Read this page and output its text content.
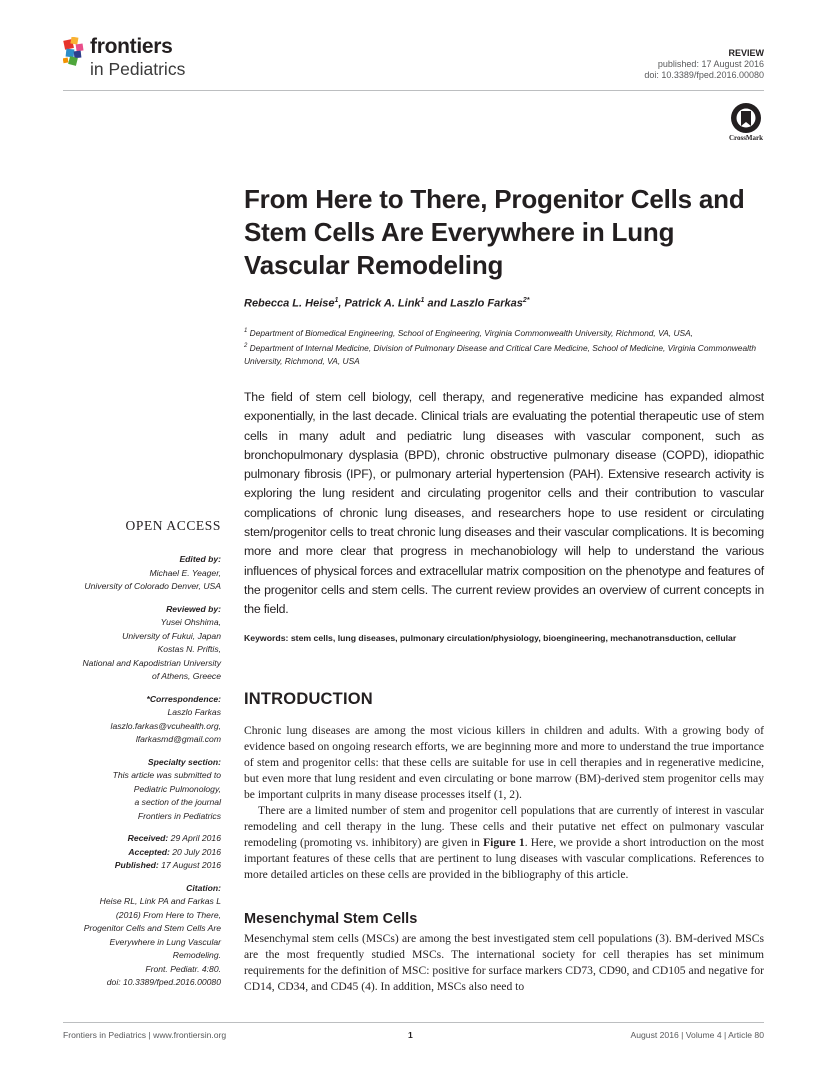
frontiers
in Pediatrics
REVIEW
published: 17 August 2016
doi: 10.3389/fped.2016.00080
CrossMark
From Here to There, Progenitor Cells and Stem Cells Are Everywhere in Lung Vascular Remodeling
Rebecca L. Heise$^1$, Patrick A. Link$^1$ and Laszlo Farkas$^{2*}$
$^1$ Department of Biomedical Engineering, School of Engineering, Virginia Commonwealth University, Richmond, VA, USA,
$^2$ Department of Internal Medicine, Division of Pulmonary Disease and Critical Care Medicine, School of Medicine, Virginia Commonwealth University, Richmond, VA, USA
The field of stem cell biology, cell therapy, and regenerative medicine has expanded almost exponentially, in the last decade. Clinical trials are evaluating the potential therapeutic use of stem cells in many adult and pediatric lung diseases with vascular component, such as bronchopulmonary dysplasia (BPD), chronic obstructive pulmonary disease (COPD), idiopathic pulmonary fibrosis (IPF), or pulmonary arterial hypertension (PAH). Extensive research activity is exploring the lung resident and circulating progenitor cells and their contribution to vascular complications of chronic lung diseases, and researchers hope to use resident or circulating stem/progenitor cells to treat chronic lung diseases and their vascular complications. It is becoming more and more clear that progress in mechanobiology will help to understand the various influences of physical forces and extracellular matrix composition on the phenotype and features of the progenitor cells and stem cells. The current review provides an overview of current concepts in the field.
Keywords: stem cells, lung diseases, pulmonary circulation/physiology, bioengineering, mechanotransduction, cellular
OPEN ACCESS
Edited by:
Michael E. Yeager,
University of Colorado Denver, USA
Reviewed by:
Yusei Ohshima,
University of Fukui, Japan
Kostas N. Priftis,
National and Kapodistrian University
of Athens, Greece
*Correspondence:
Laszlo Farkas
laszlo.farkas@vcuhealth.org,
lfarkasmd@gmail.com
Specialty section:
This article was submitted to
Pediatric Pulmonology,
a section of the journal
Frontiers in Pediatrics
Received: 29 April 2016
Accepted: 20 July 2016
Published: 17 August 2016
Citation:
Heise RL, Link PA and Farkas L
(2016) From Here to There,
Progenitor Cells and Stem Cells Are
Everywhere in Lung Vascular
Remodeling.
Front. Pediatr. 4:80.
doi: 10.3389/fped.2016.00080
INTRODUCTION
Chronic lung diseases are among the most vicious killers in children and adults. With a growing body of evidence based on ongoing research efforts, we are beginning more and more to understand the true importance of stem and progenitor cells: that these cells are suitable for use in cell therapies and in regenerative medicine, but even more that lung resident and even circulating or bone marrow (BM)-derived stem progenitor cells may be important culprits in many disease processes itself (1, 2).
There are a limited number of stem and progenitor cell populations that are currently of interest in vascular remodeling and cell therapy in the lung. These cells and their putative net effect on pulmonary vascular remodeling (promoting vs. inhibitory) are given in Figure 1. Here, we provide a short introduction on the most important features of these cells that are pertinent to lung diseases with vascular complications. References to more detailed articles on these cells are provided in the bibliography of this article.
Mesenchymal Stem Cells
Mesenchymal stem cells (MSCs) are among the best investigated stem cell populations (3). BM-derived MSCs are the most frequently studied MSCs. The international society for cell therapies has set minimum requirements for the definition of MSC: positive for surface markers CD73, CD90, and CD105 and negative for CD14, CD34, and CD45 (4). In addition, MSCs also need to
Frontiers in Pediatrics | www.frontiersin.org	1	August 2016 | Volume 4 | Article 80
